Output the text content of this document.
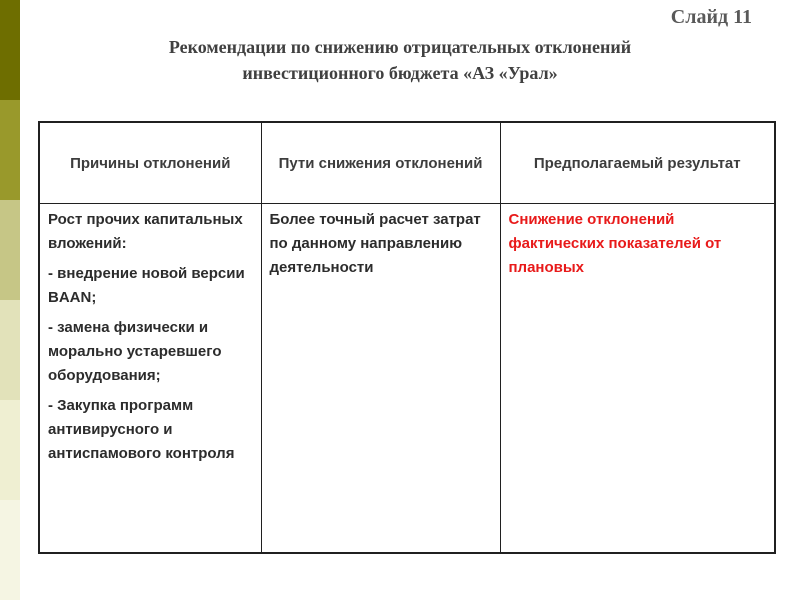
Слайд 11
Рекомендации по снижению отрицательных отклонений
инвестиционного бюджета «АЗ «Урал»
Причины отклонений	Пути снижения отклонений	Предполагаемый результат

Рост прочих капитальных вложений:
- внедрение новой версии BAAN;
- замена физически и морально устаревшего оборудования;
- Закупка программ антивирусного и антиспамового контроля	Более точный расчет затрат по данному направлению деятельности	Снижение отклонений фактических показателей от плановых
